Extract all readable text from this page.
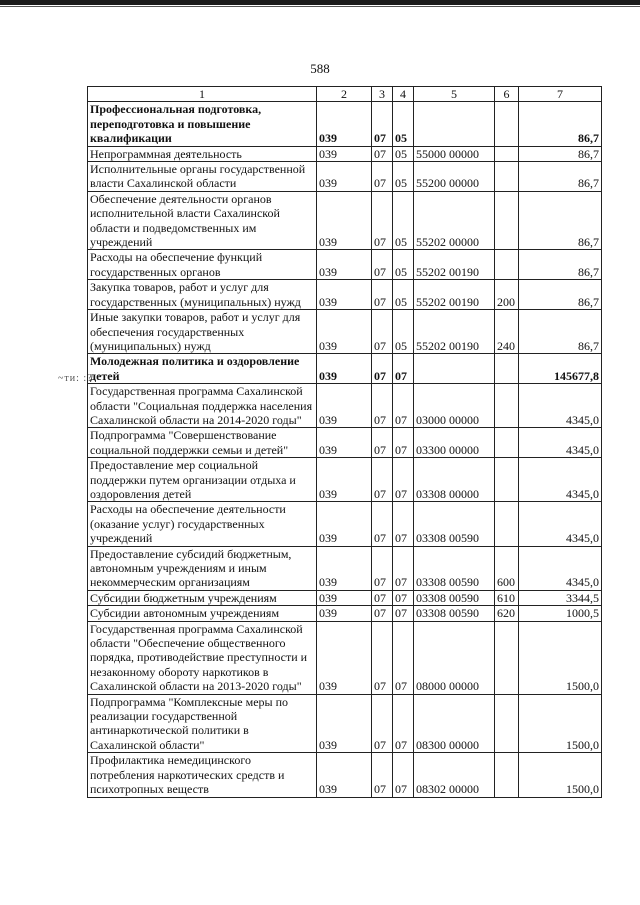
588
~ти: :?
1	2	3	4	5	6	7
Профессиональная подготовка, переподготовка и повышение квалификации	039	07	05			86,7
Непрограммная деятельность	039	07	05	55000 00000		86,7
Исполнительные органы государственной власти Сахалинской области	039	07	05	55200 00000		86,7
Обеспечение деятельности органов исполнительной власти Сахалинской области и подведомственных им учреждений	039	07	05	55202 00000		86,7
Расходы на обеспечение функций государственных органов	039	07	05	55202 00190		86,7
Закупка товаров, работ и услуг для государственных (муниципальных) нужд	039	07	05	55202 00190	200	86,7
Иные закупки товаров, работ и услуг для обеспечения государственных (муниципальных) нужд	039	07	05	55202 00190	240	86,7
Молодежная политика и оздоровление детей	039	07	07			145677,8
Государственная программа Сахалинской области "Социальная поддержка населения Сахалинской области на 2014-2020 годы"	039	07	07	03000 00000		4345,0
Подпрограмма "Совершенствование социальной поддержки семьи и детей"	039	07	07	03300 00000		4345,0
Предоставление мер социальной поддержки путем организации отдыха и оздоровления детей	039	07	07	03308 00000		4345,0
Расходы на обеспечение деятельности (оказание услуг) государственных учреждений	039	07	07	03308 00590		4345,0
Предоставление субсидий бюджетным, автономным учреждениям и иным некоммерческим организациям	039	07	07	03308 00590	600	4345,0
Субсидии бюджетным учреждениям	039	07	07	03308 00590	610	3344,5
Субсидии автономным учреждениям	039	07	07	03308 00590	620	1000,5
Государственная программа Сахалинской области "Обеспечение общественного порядка, противодействие преступности и незаконному обороту наркотиков в Сахалинской области на 2013-2020 годы"	039	07	07	08000 00000		1500,0
Подпрограмма "Комплексные меры по реализации государственной антинаркотической политики в Сахалинской области"	039	07	07	08300 00000		1500,0
Профилактика немедицинского потребления наркотических средств и психотропных веществ	039	07	07	08302 00000		1500,0
